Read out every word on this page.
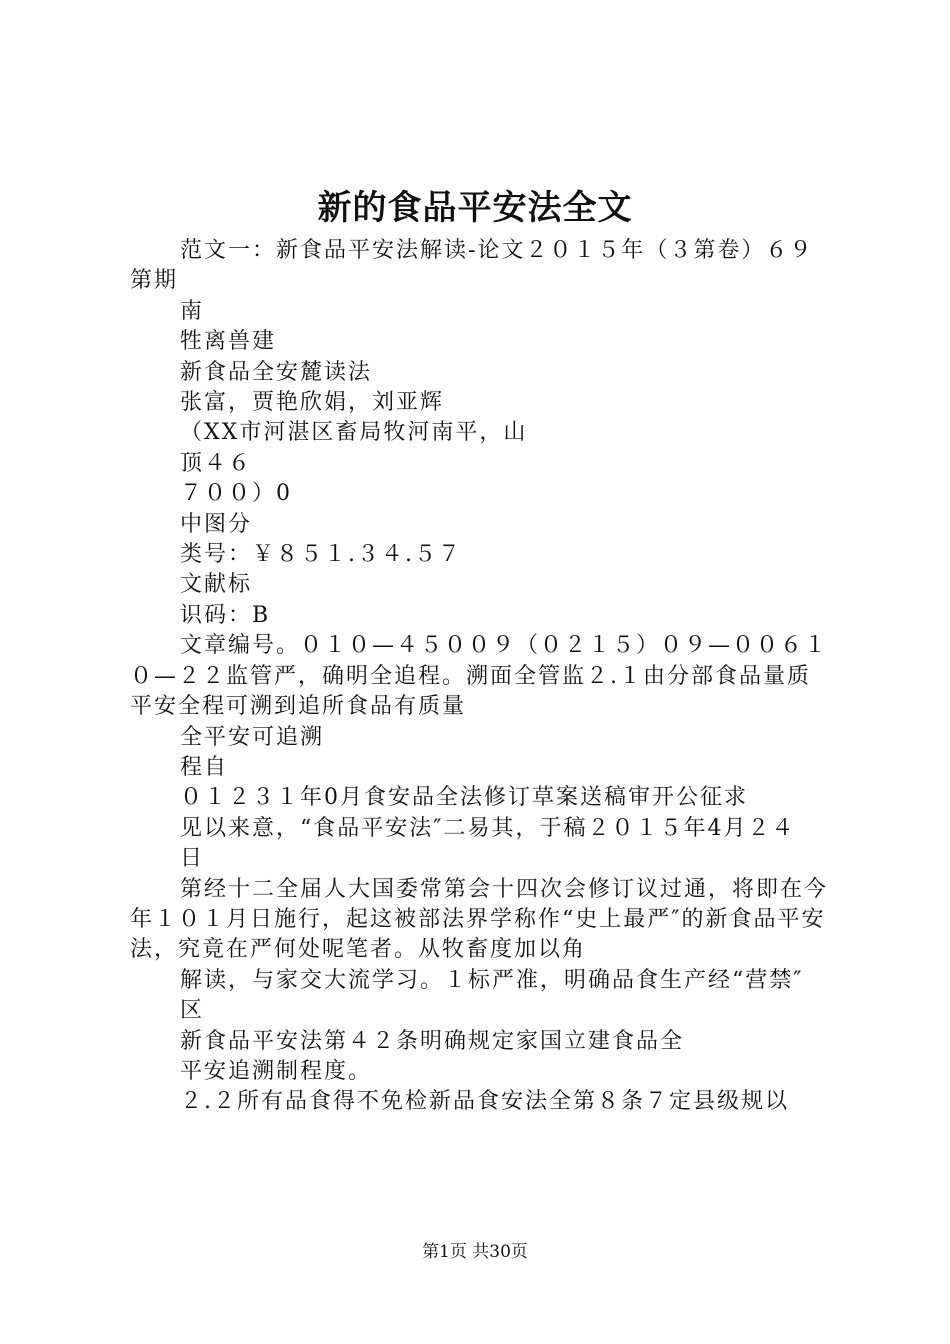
新的食品平安法全文

范文一：新食品平安法解读-论文２０１５年（３第卷）６９第期

南

牲离兽建

新食品全安麓读法

张富，贾艳欣娟，刘亚辉

（XX市河湛区畜局牧河南平，山

顶４６

７００）0

中图分

类号：￥８５１.３４.５７

文献标

识码：B

文章编号。０１０—４５００９（０２１５）０９—００６１０—２２监管严，确明全追程。溯面全管监２.１由分部食品量质平安全程可溯到追所食品有质量

全平安可追溯

程自

０１２３１年0月食安品全法修订草案送稿审开公征求

见以来意，“食品平安法″二易其，于稿２０１５年4月２４

日

第经十二全届人大国委常第会十四次会修订议过通，将即在今年１０１月日施行，起这被部法界学称作“史上最严″的新食品平安法，究竟在严何处呢笔者。从牧畜度加以角

解读，与家交大流学习。１标严准，明确品食生产经“营禁″

区

新食品平安法第４２条明确规定家国立建食品全

平安追溯制程度。

２.２所有品食得不免检新品食安法全第８条７定县级规以

第1页 共30页
